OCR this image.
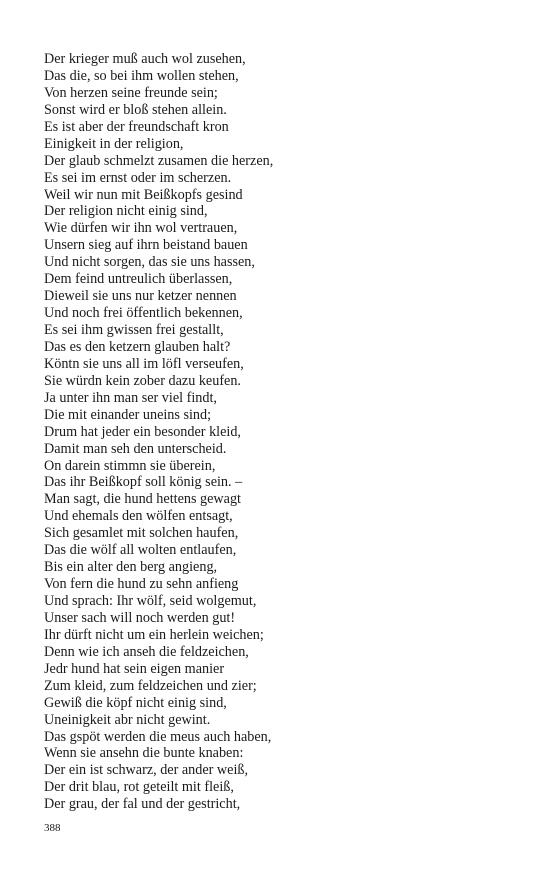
Der krieger muß auch wol zusehen,
Das die, so bei ihm wollen stehen,
Von herzen seine freunde sein;
Sonst wird er bloß stehen allein.
Es ist aber der freundschaft kron
Einigkeit in der religion,
Der glaub schmelzt zusamen die herzen,
Es sei im ernst oder im scherzen.
Weil wir nun mit Beißkopfs gesind
Der religion nicht einig sind,
Wie dürfen wir ihn wol vertrauen,
Unsern sieg auf ihrn beistand bauen
Und nicht sorgen, das sie uns hassen,
Dem feind untreulich überlassen,
Dieweil sie uns nur ketzer nennen
Und noch frei öffentlich bekennen,
Es sei ihm gwissen frei gestallt,
Das es den ketzern glauben halt?
Köntn sie uns all im löfl verseufen,
Sie würdn kein zober dazu keufen.
Ja unter ihn man ser viel findt,
Die mit einander uneins sind;
Drum hat jeder ein besonder kleid,
Damit man seh den unterscheid.
On darein stimmn sie überein,
Das ihr Beißkopf soll könig sein. –
Man sagt, die hund hettens gewagt
Und ehemals den wölfen entsagt,
Sich gesamlet mit solchen haufen,
Das die wölf all wolten entlaufen,
Bis ein alter den berg angieng,
Von fern die hund zu sehn anfieng
Und sprach: Ihr wölf, seid wolgemut,
Unser sach will noch werden gut!
Ihr dürft nicht um ein herlein weichen;
Denn wie ich anseh die feldzeichen,
Jedr hund hat sein eigen manier
Zum kleid, zum feldzeichen und zier;
Gewiß die köpf nicht einig sind,
Uneinigkeit abr nicht gewint.
Das gspöt werden die meus auch haben,
Wenn sie ansehn die bunte knaben:
Der ein ist schwarz, der ander weiß,
Der drit blau, rot geteilt mit fleiß,
Der grau, der fal und der gestricht,
388
